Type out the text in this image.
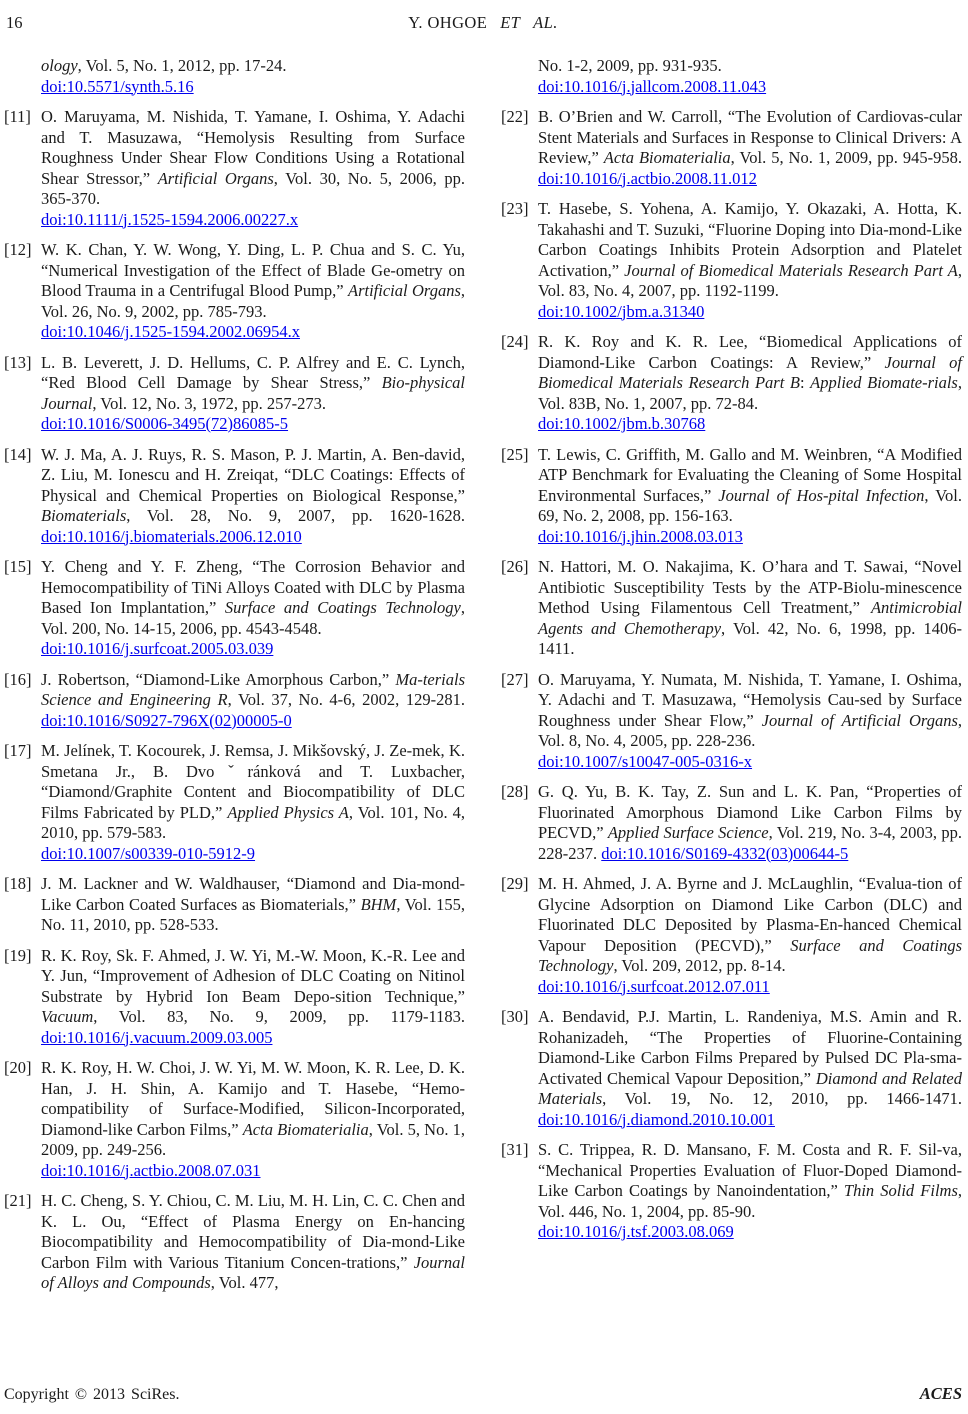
16	Y. OHGOE ET AL.
ology, Vol. 5, No. 1, 2012, pp. 17-24.
doi:10.5571/synth.5.16
[11] O. Maruyama, M. Nishida, T. Yamane, I. Oshima, Y. Adachi and T. Masuzawa, “Hemolysis Resulting from Surface Roughness Under Shear Flow Conditions Using a Rotational Shear Stressor,” Artificial Organs, Vol. 30, No. 5, 2006, pp. 365-370.
doi:10.1111/j.1525-1594.2006.00227.x
[12] W. K. Chan, Y. W. Wong, Y. Ding, L. P. Chua and S. C. Yu, “Numerical Investigation of the Effect of Blade Ge-ometry on Blood Trauma in a Centrifugal Blood Pump,” Artificial Organs, Vol. 26, No. 9, 2002, pp. 785-793.
doi:10.1046/j.1525-1594.2002.06954.x
[13] L. B. Leverett, J. D. Hellums, C. P. Alfrey and E. C. Lynch, “Red Blood Cell Damage by Shear Stress,” Bio-physical Journal, Vol. 12, No. 3, 1972, pp. 257-273.
doi:10.1016/S0006-3495(72)86085-5
[14] W. J. Ma, A. J. Ruys, R. S. Mason, P. J. Martin, A. Ben-david, Z. Liu, M. Ionescu and H. Zreiqat, “DLC Coatings: Effects of Physical and Chemical Properties on Biological Response,” Biomaterials, Vol. 28, No. 9, 2007, pp. 1620-1628. doi:10.1016/j.biomaterials.2006.12.010
[15] Y. Cheng and Y. F. Zheng, “The Corrosion Behavior and Hemocompatibility of TiNi Alloys Coated with DLC by Plasma Based Ion Implantation,” Surface and Coatings Technology, Vol. 200, No. 14-15, 2006, pp. 4543-4548.
doi:10.1016/j.surfcoat.2005.03.039
[16] J. Robertson, “Diamond-Like Amorphous Carbon,” Ma-terials Science and Engineering R, Vol. 37, No. 4-6, 2002, 129-281. doi:10.1016/S0927-796X(02)00005-0
[17] M. Jelínek, T. Kocourek, J. Remsa, J. Mikšovský, J. Ze-mek, K. Smetana Jr., B. Dvoˇránková and T. Luxbacher, “Diamond/Graphite Content and Biocompatibility of DLC Films Fabricated by PLD,” Applied Physics A, Vol. 101, No. 4, 2010, pp. 579-583.
doi:10.1007/s00339-010-5912-9
[18] J. M. Lackner and W. Waldhauser, “Diamond and Dia-mond-Like Carbon Coated Surfaces as Biomaterials,” BHM, Vol. 155, No. 11, 2010, pp. 528-533.
[19] R. K. Roy, Sk. F. Ahmed, J. W. Yi, M.-W. Moon, K.-R. Lee and Y. Jun, “Improvement of Adhesion of DLC Coating on Nitinol Substrate by Hybrid Ion Beam Depo-sition Technique,” Vacuum, Vol. 83, No. 9, 2009, pp. 1179-1183. doi:10.1016/j.vacuum.2009.03.005
[20] R. K. Roy, H. W. Choi, J. W. Yi, M. W. Moon, K. R. Lee, D. K. Han, J. H. Shin, A. Kamijo and T. Hasebe, “Hemo-compatibility of Surface-Modified, Silicon-Incorporated, Diamond-like Carbon Films,” Acta Biomaterialia, Vol. 5, No. 1, 2009, pp. 249-256.
doi:10.1016/j.actbio.2008.07.031
[21] H. C. Cheng, S. Y. Chiou, C. M. Liu, M. H. Lin, C. C. Chen and K. L. Ou, “Effect of Plasma Energy on En-hancing Biocompatibility and Hemocompatibility of Dia-mond-Like Carbon Film with Various Titanium Concen-trations,” Journal of Alloys and Compounds, Vol. 477,
No. 1-2, 2009, pp. 931-935.
doi:10.1016/j.jallcom.2008.11.043
[22] B. O’Brien and W. Carroll, “The Evolution of Cardiovas-cular Stent Materials and Surfaces in Response to Clinical Drivers: A Review,” Acta Biomaterialia, Vol. 5, No. 1, 2009, pp. 945-958. doi:10.1016/j.actbio.2008.11.012
[23] T. Hasebe, S. Yohena, A. Kamijo, Y. Okazaki, A. Hotta, K. Takahashi and T. Suzuki, “Fluorine Doping into Dia-mond-Like Carbon Coatings Inhibits Protein Adsorption and Platelet Activation,” Journal of Biomedical Materials Research Part A, Vol. 83, No. 4, 2007, pp. 1192-1199.
doi:10.1002/jbm.a.31340
[24] R. K. Roy and K. R. Lee, “Biomedical Applications of Diamond-Like Carbon Coatings: A Review,” Journal of Biomedical Materials Research Part B: Applied Biomate-rials, Vol. 83B, No. 1, 2007, pp. 72-84.
doi:10.1002/jbm.b.30768
[25] T. Lewis, C. Griffith, M. Gallo and M. Weinbren, “A Modified ATP Benchmark for Evaluating the Cleaning of Some Hospital Environmental Surfaces,” Journal of Hos-pital Infection, Vol. 69, No. 2, 2008, pp. 156-163.
doi:10.1016/j.jhin.2008.03.013
[26] N. Hattori, M. O. Nakajima, K. O’hara and T. Sawai, “Novel Antibiotic Susceptibility Tests by the ATP-Biolu-minescence Method Using Filamentous Cell Treatment,” Antimicrobial Agents and Chemotherapy, Vol. 42, No. 6, 1998, pp. 1406-1411.
[27] O. Maruyama, Y. Numata, M. Nishida, T. Yamane, I. Oshima, Y. Adachi and T. Masuzawa, “Hemolysis Cau-sed by Surface Roughness under Shear Flow,” Journal of Artificial Organs, Vol. 8, No. 4, 2005, pp. 228-236.
doi:10.1007/s10047-005-0316-x
[28] G. Q. Yu, B. K. Tay, Z. Sun and L. K. Pan, “Properties of Fluorinated Amorphous Diamond Like Carbon Films by PECVD,” Applied Surface Science, Vol. 219, No. 3-4, 2003, pp. 228-237. doi:10.1016/S0169-4332(03)00644-5
[29] M. H. Ahmed, J. A. Byrne and J. McLaughlin, “Evalua-tion of Glycine Adsorption on Diamond Like Carbon (DLC) and Fluorinated DLC Deposited by Plasma-En-hanced Chemical Vapour Deposition (PECVD),” Surface and Coatings Technology, Vol. 209, 2012, pp. 8-14.
doi:10.1016/j.surfcoat.2012.07.011
[30] A. Bendavid, P.J. Martin, L. Randeniya, M.S. Amin and R. Rohanizadeh, “The Properties of Fluorine-Containing Diamond-Like Carbon Films Prepared by Pulsed DC Pla-sma-Activated Chemical Vapour Deposition,” Diamond and Related Materials, Vol. 19, No. 12, 2010, pp. 1466-1471. doi:10.1016/j.diamond.2010.10.001
[31] S. C. Trippea, R. D. Mansano, F. M. Costa and R. F. Sil-va, “Mechanical Properties Evaluation of Fluor-Doped Diamond-Like Carbon Coatings by Nanoindentation,” Thin Solid Films, Vol. 446, No. 1, 2004, pp. 85-90.
doi:10.1016/j.tsf.2003.08.069
Copyright © 2013 SciRes.	ACES
